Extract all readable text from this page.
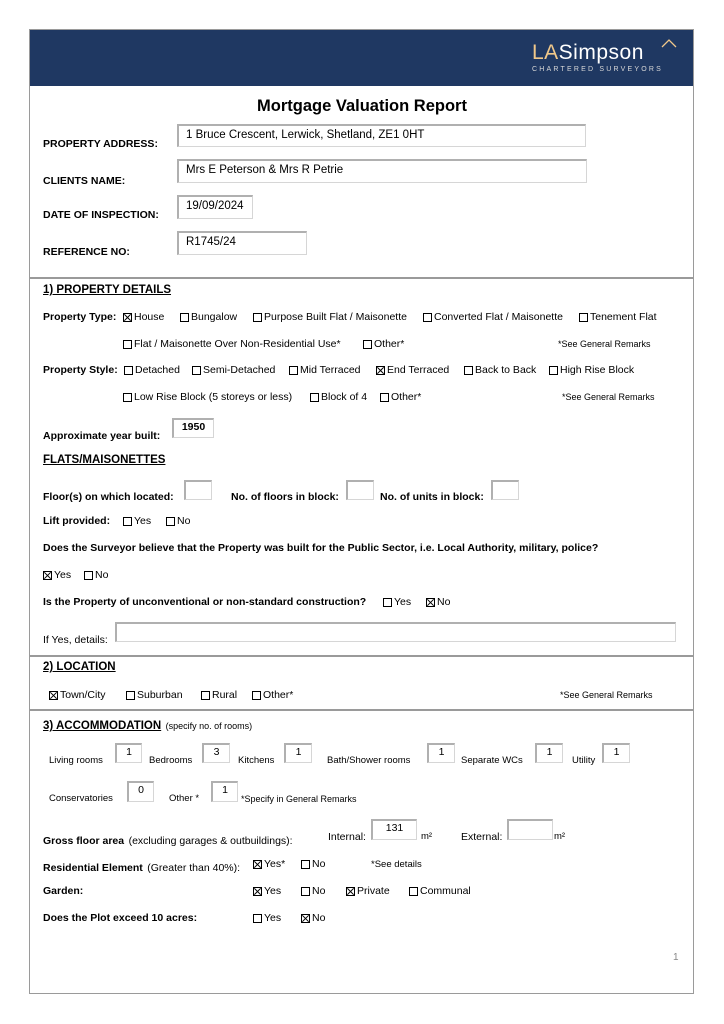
LASimpson
CHARTERED SURVEYORS
Mortgage Valuation Report
PROPERTY ADDRESS:
1 Bruce Crescent, Lerwick, Shetland, ZE1 0HT
CLIENTS NAME:
Mrs E Peterson & Mrs R Petrie
DATE OF INSPECTION:
19/09/2024
REFERENCE NO:
R1745/24
1) PROPERTY DETAILS
Property Type: House	Bungalow	Purpose Built Flat / Maisonette	Converted Flat / Maisonette	Tenement Flat
Flat / Maisonette Over Non-Residential Use*	Other*	*See General Remarks
Property Style: Detached Semi-Detached Mid Terraced	End Terraced Back to Back High Rise Block
Low Rise Block (5 storeys or less)	Block of 4 Other*	*See General Remarks
Approximate year built:
1950
FLATS/MAISONETTES
Floor(s) on which located:	No. of floors in block:	No. of units in block:
Lift provided: Yes No
Does the Surveyor believe that the Property was built for the Public Sector, i.e. Local Authority, military, police?
Yes No
Is the Property of unconventional or non-standard construction?	Yes No
If Yes, details:
2) LOCATION
Town/City	Suburban	Rural Other*	*See General Remarks
3) ACCOMMODATION (specify no. of rooms)
Living rooms
1
Bedrooms
3
Kitchens
1
Bath/Shower rooms
1
Separate WCs
1
Utility
1
Conservatories
0
Other *
1
*Specify in General Remarks
Gross floor area (excluding garages & outbuildings):	Internal:
131
m²	External:	m²
Residential Element (Greater than 40%): Yes*	No	*See details
Garden:	Yes	No	Private	Communal
Does the Plot exceed 10 acres:	Yes	No
1
